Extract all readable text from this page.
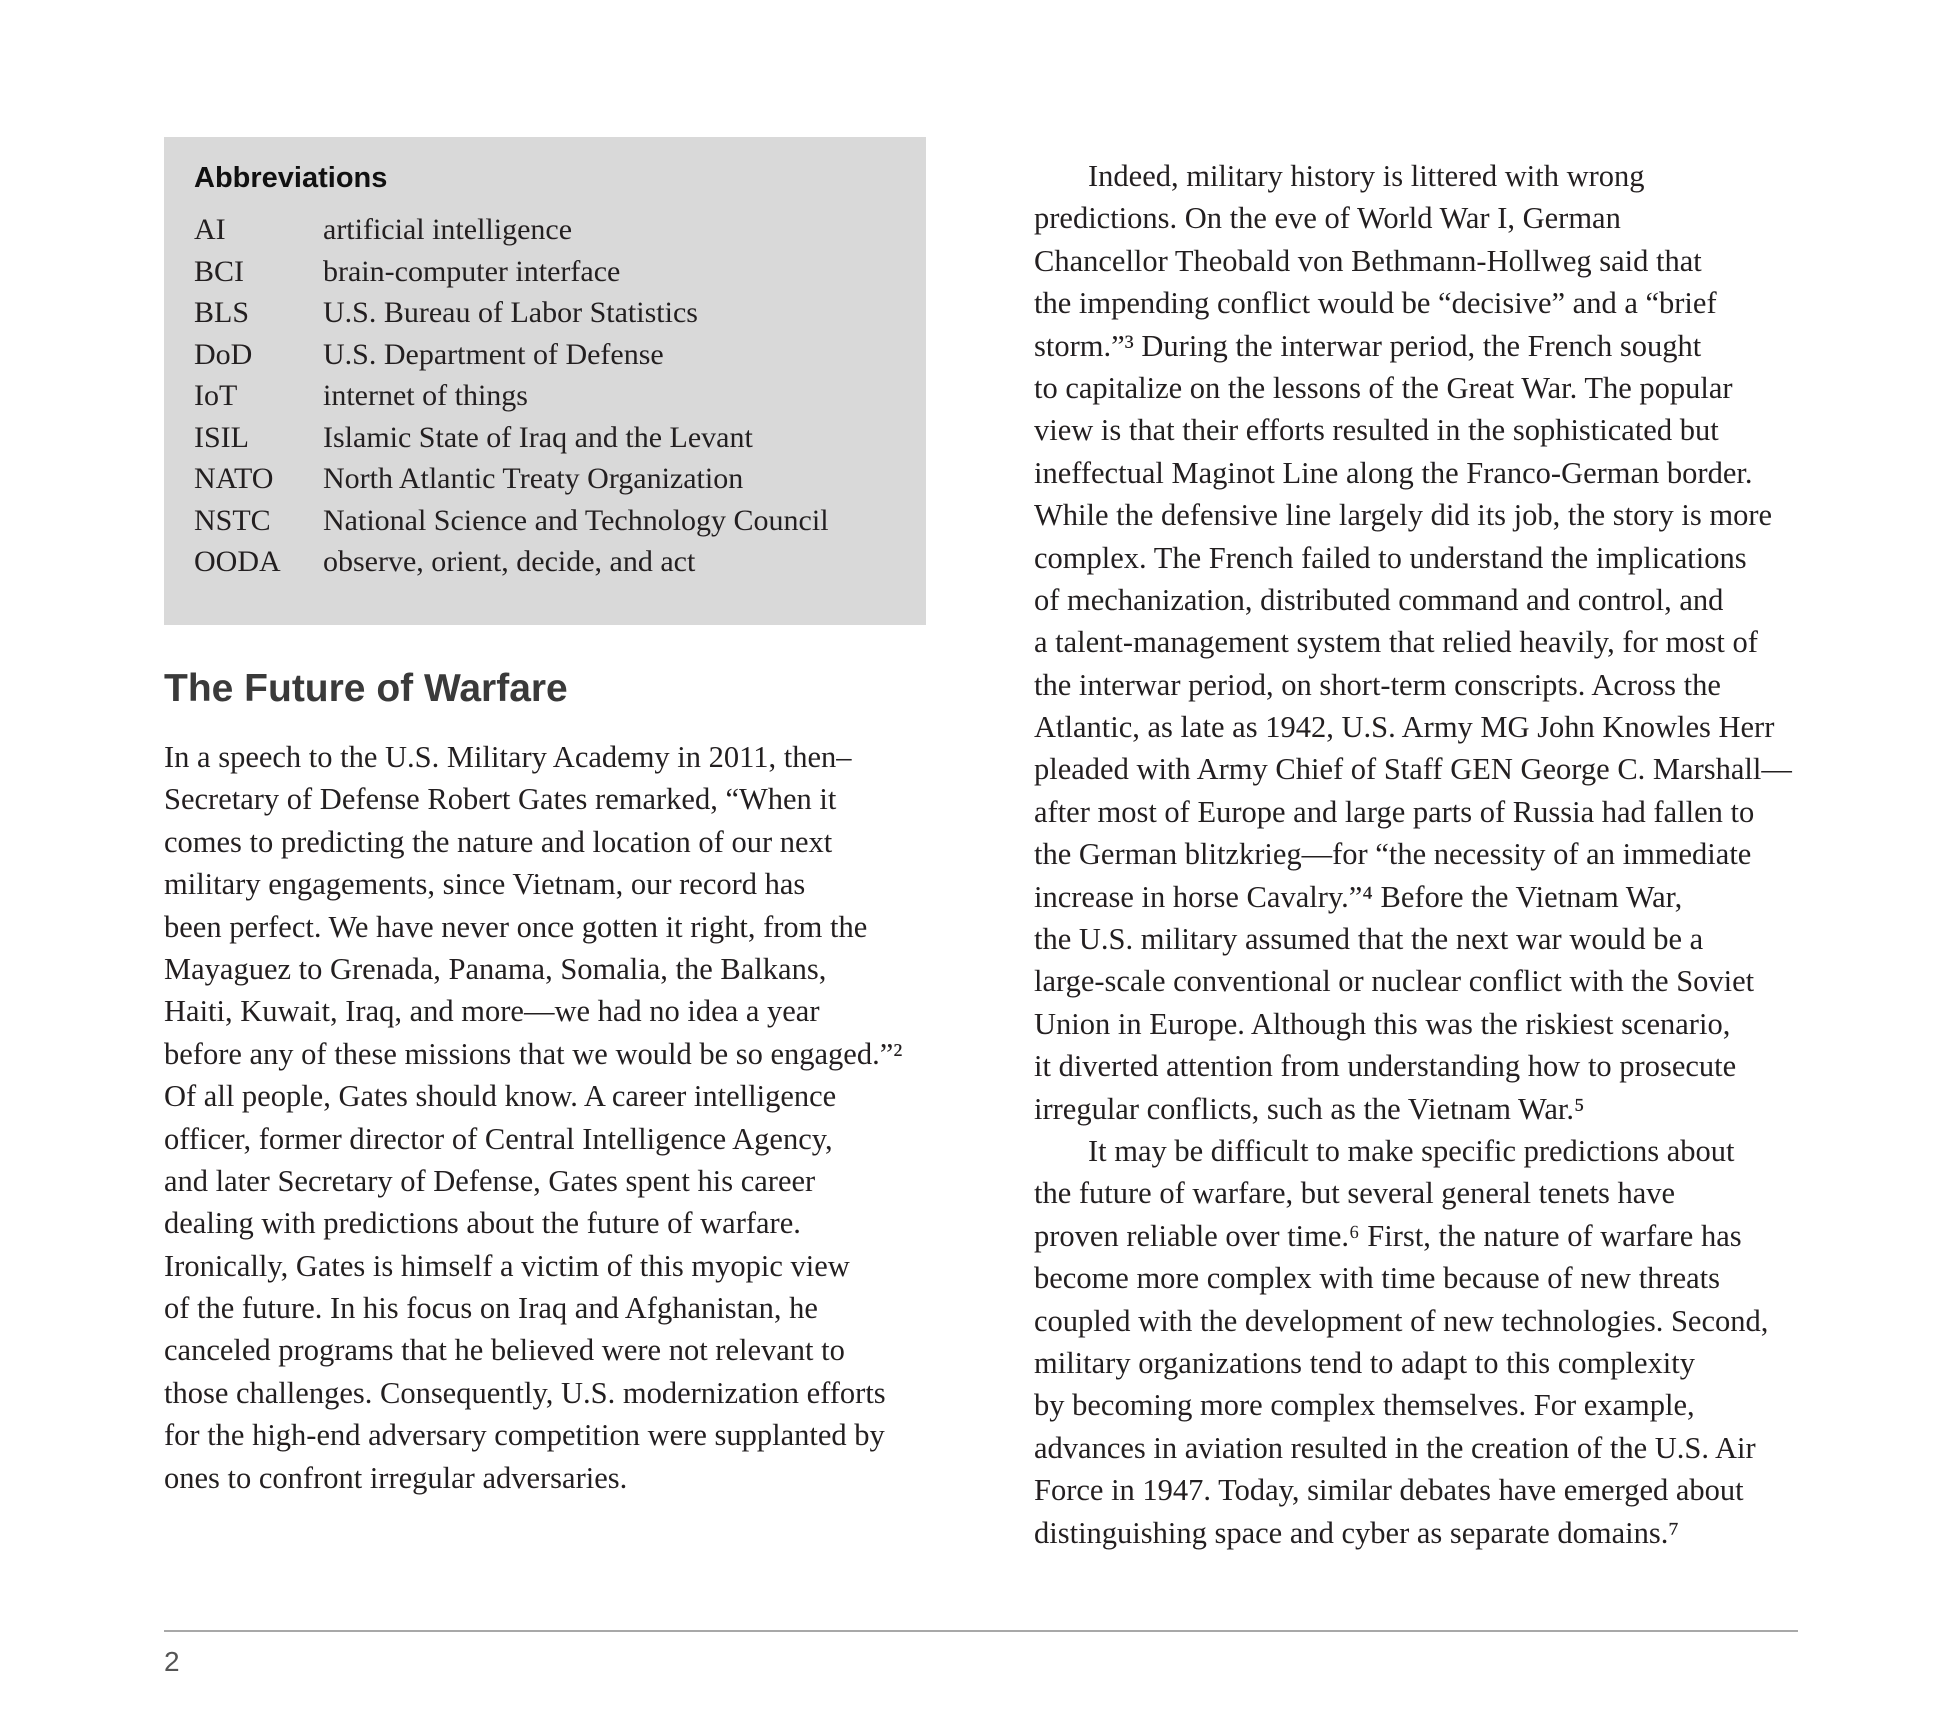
Abbreviations
AI	artificial intelligence
BCI	brain-computer interface
BLS	U.S. Bureau of Labor Statistics
DoD	U.S. Department of Defense
IoT	internet of things
ISIL	Islamic State of Iraq and the Levant
NATO	North Atlantic Treaty Organization
NSTC	National Science and Technology Council
OODA	observe, orient, decide, and act
The Future of Warfare
In a speech to the U.S. Military Academy in 2011, then–
Secretary of Defense Robert Gates remarked, “When it
comes to predicting the nature and location of our next
military engagements, since Vietnam, our record has
been perfect. We have never once gotten it right, from the
Mayaguez to Grenada, Panama, Somalia, the Balkans,
Haiti, Kuwait, Iraq, and more—we had no idea a year
before any of these missions that we would be so engaged.”²
Of all people, Gates should know. A career intelligence
officer, former director of Central Intelligence Agency,
and later Secretary of Defense, Gates spent his career
dealing with predictions about the future of warfare.
Ironically, Gates is himself a victim of this myopic view
of the future. In his focus on Iraq and Afghanistan, he
canceled programs that he believed were not relevant to
those challenges. Consequently, U.S. modernization efforts
for the high-end adversary competition were supplanted by
ones to confront irregular adversaries.
Indeed, military history is littered with wrong
predictions. On the eve of World War I, German
Chancellor Theobald von Bethmann-Hollweg said that
the impending conflict would be “decisive” and a “brief
storm.”³ During the interwar period, the French sought
to capitalize on the lessons of the Great War. The popular
view is that their efforts resulted in the sophisticated but
ineffectual Maginot Line along the Franco-German border.
While the defensive line largely did its job, the story is more
complex. The French failed to understand the implications
of mechanization, distributed command and control, and
a talent-management system that relied heavily, for most of
the interwar period, on short-term conscripts. Across the
Atlantic, as late as 1942, U.S. Army MG John Knowles Herr
pleaded with Army Chief of Staff GEN George C. Marshall—
after most of Europe and large parts of Russia had fallen to
the German blitzkrieg—for “the necessity of an immediate
increase in horse Cavalry.”⁴ Before the Vietnam War,
the U.S. military assumed that the next war would be a
large-scale conventional or nuclear conflict with the Soviet
Union in Europe. Although this was the riskiest scenario,
it diverted attention from understanding how to prosecute
irregular conflicts, such as the Vietnam War.⁵
It may be difficult to make specific predictions about
the future of warfare, but several general tenets have
proven reliable over time.⁶ First, the nature of warfare has
become more complex with time because of new threats
coupled with the development of new technologies. Second,
military organizations tend to adapt to this complexity
by becoming more complex themselves. For example,
advances in aviation resulted in the creation of the U.S. Air
Force in 1947. Today, similar debates have emerged about
distinguishing space and cyber as separate domains.⁷
2
